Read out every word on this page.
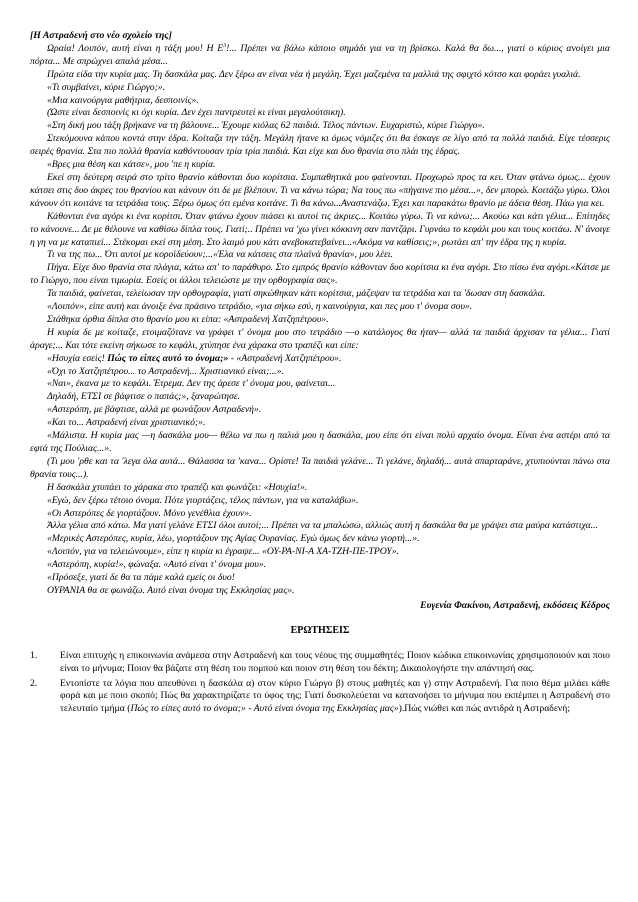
[Η Αστραδενή στο νέο σχολείο της]

Ωραία! Λοιπόν, αυτή είναι η τάξη μου! Η $E^3$!... Πρέπει να βάλω κάποιο σημάδι για να τη βρίσκω. Καλά θα δω..., γιατί ο κύριος ανοίγει μια πόρτα... Με σπρώχνει απαλά μέσα...

Πρώτα είδα την κυρία μας. Τη δασκάλα μας. Δεν ξέρω αν είναι νέα ή μεγάλη. Έχει μαζεμένα τα μαλλιά της σφιχτό κότσο και φοράει γυαλιά.

«Τι συμβαίνει, κύριε Γιώργο;».

«Μια καινούργια μαθήτρια, δεσποινίς».

(Ώστε είναι δεσποινίς κι όχι κυρία. Δεν έχει παντρευτεί κι είναι μεγαλούτσικη).

«Στη δική μου τάξη βρήκανε να τη βάλουνε... Έχουμε κιόλας 62 παιδιά. Τέλος πάντων. Ευχαριστώ, κύριε Γιώργο».

Στεκόμουνα κάπου κοντά στην έδρα. Κοίταζα την τάξη. Μεγάλη ήτανε κι όμως νόμιζες ότι θα έσκαγε σε λίγο από τα πολλά παιδιά. Είχε τέσσερις σειρές θρανία. Στα πιο πολλά θρανία καθόντουσαν τρία τρία παιδιά. Και είχε και δυο θρανία στο πλάι της έδρας.

«Βρες μια θέση και κάτσε», μου 'πε η κυρία.

Εκεί στη δεύτερη σειρά στο τρίτο θρανίο κάθονται δυο κορίτσια. Συμπαθητικά μου φαίνονται. Προχωρώ προς τα κει. Όταν φτάνω όμως... έχουν κάτσει στις δυο άκρες του θρανίου και κάνουν ότι δε με βλέπουν. Τι να κάνω τώρα; Να τους πω «πήγαινε πιο μέσα...», δεν μπορώ. Κοιτάζω γύρω. Όλοι κάνουν ότι κοιτάνε τα τετράδια τους. Ξέρω όμως ότι εμένα κοιτάνε. Τι θα κάνω...Αναστενάζω. Έχει και παρακάτω θρανίο με άδεια θέση. Πάω για κει.

Κάθονται ένα αγόρι κι ένα κορίτσι. Όταν φτάνω έχουν πιάσει κι αυτοί τις άκριες... Κοιτάω γύρω. Τι να κάνω;... Ακούω και κάτι γέλια... Επίτηδες το κάνουνε... Δε με θέλουνε να καθίσω δίπλα τους. Γιατί;.. Πρέπει να 'χω γίνει κόκκινη σαν παντζάρι. Γυρνάω το κεφάλι μου και τους κοιτάω. Ν' άνοιγε η γη να με καταπιεί... Στέκομαι εκεί στη μέση. Στο λαιμό μου κάτι ανεβοκατεβαίνει...«Ακόμα να καθίσεις;», ρωτάει απ' την έδρα της η κυρία.

Τι να της πω... Ότι αυτοί με κοροϊδεύουν;...«Έλα να κάτσεις στα πλαϊνά θρανία», μου λέει.

Πήγα. Είχε δυο θρανία στα πλάγια, κάτω απ' το παράθυρο. Στο εμπρός θρανίο κάθονταν δυο κορίτσια κι ένα αγόρι. Στο πίσω ένα αγόρι.«Κάτσε με το Γιώργο, που είναι τιμωρία. Εσείς οι άλλοι τελειώστε με την ορθογραφία σας».

Τα παιδιά, φαίνεται, τελείωσαν την ορθογραφία, γιατί σηκώθηκαν κάτι κορίτσια, μάζεψαν τα τετράδια και τα 'δωσαν στη δασκάλα.

«Λοιπόν», είπε αυτή και άνοιξε ένα πράσινο τετράδιο, «για σήκω εσύ, η καινούργια, και πες μου τ' όνομα σου».

Στάθηκα όρθια δίπλα στο θρανίο μου κι είπα: «Αστραδενή Χατζηπέτρου».

Η κυρία δε με κοίταζε, ετοιμαζότανε να γράφει τ' όνομα μου στο τετράδιο —ο κατάλογος θα ήταν— αλλά τα παιδιά άρχισαν τα γέλια... Γιατί άραγε;... Και τότε εκείνη σήκωσε το κεφάλι, χτύπησε ένα χάρακα στο τραπέζι και είπε:

«Ησυχία εσείς! Πώς το είπες αυτό το όνομα;» - «Αστραδενή Χατζηπέτρου».

«Όχι το Χατζηπέτρου... το Αστραδενή... Χριστιανικό είναι;...».

«Ναι», έκανα με το κεφάλι. Έτρεμα. Δεν της άρεσε τ' όνομα μου, φαίνεται...

Δηλαδή, ΕΤΣΙ σε βάφτισε ο παπάς;», ξαναρώτησε.

«Αστερόπη, με βάφτισε, αλλά με φωνάζουν Αστραδενή».

«Και το... Αστραδενή είναι χριστιανικό;».

«Μάλιστα. Η κυρία μας —η δασκάλα μου— θέλω να πω η παλιά μου η δασκάλα, μου είπε ότι είναι πολύ αρχαίο όνομα. Είναι ένα αστέρι από τα εφτά της Πούλιας...».

(Τι μου 'ρθε και τα 'λεγα όλα αυτά... Θάλασσα τα 'κανα... Ορίστε! Τα παιδιά γελάνε... Τι γελάνε, δηλαδή... αυτά σπαρταράνε, χτυπιούνται πάνω στα θρανία τους...).

Η δασκάλα χτυπάει το χάρακα στο τραπέζι και φωνάζει: «Ησυχία!».

«Εγώ, δεν ξέρω τέτοιο όνομα. Πότε γιορτάζεις, τέλος πάντων, για να καταλάβω».

«Οι Αστερόπες δε γιορτάζουν. Μόνο γενέθλια έχουν».

Άλλα γέλια από κάτω. Μα γιατί γελάνε ΕΤΣΙ όλοι αυτοί;... Πρέπει να τα μπαλώσω, αλλιώς αυτή η δασκάλα θα με γράψει στα μαύρα κατάστιχα...

«Μερικές Αστερόπες, κυρία, λέω, γιορτάζουν της Αγίας Ουρανίας. Εγώ όμως δεν κάνω γιορτή...».

«Λοιπόν, για να τελειώνουμε», είπε η κυρία κι έγραψε... «ΟΥ-ΡΑ-ΝΙ-Α ΧΑ-ΤΖΗ-ΠΕ-ΤΡΟΥ».

«Αστερόπη, κυρία!», φώναξα. «Αυτό είναι τ' όνομα μου».

«Πρόσεξε, γιατί δε θα τα πάμε καλά εμείς οι δυο!

ΟΥΡΑΝΙΑ θα σε φωνάζω. Αυτό είναι όνομα της Εκκλησίας μας».

Ευγενία Φακίνου, Αστραδενή, εκδόσεις Κέδρος

ΕΡΩΤΗΣΕΙΣ

1.	Είναι επιτυχής η επικοινωνία ανάμεσα στην Αστραδενή και τους νέους της συμμαθητές; Ποιον κώδικα επικοινωνίας χρησιμοποιούν και ποιο είναι το μήνυμα; Ποιον θα βάζατε στη θέση του πομπού και ποιον στη θέση του δέκτη; Δικαιολογήστε την απάντησή σας.
2.	Εντοπίστε τα λόγια που απευθύνει η δασκάλα α) στον κύριο Γιώργο β) στους μαθητές και γ) στην Αστραδενή. Για ποιο θέμα μιλάει κάθε φορά και με ποιο σκοπό; Πώς θα χαρακτηρίζατε το ύφος της; Γιατί δυσκολεύεται να κατανοήσει το μήνυμα που εκπέμπει η Αστραδενή στο τελευταίο τμήμα (Πώς το είπες αυτό το όνομα;» - Αυτό είναι όνομα της Εκκλησίας μας»).Πώς νιώθει και πώς αντιδρά η Αστραδενή;
